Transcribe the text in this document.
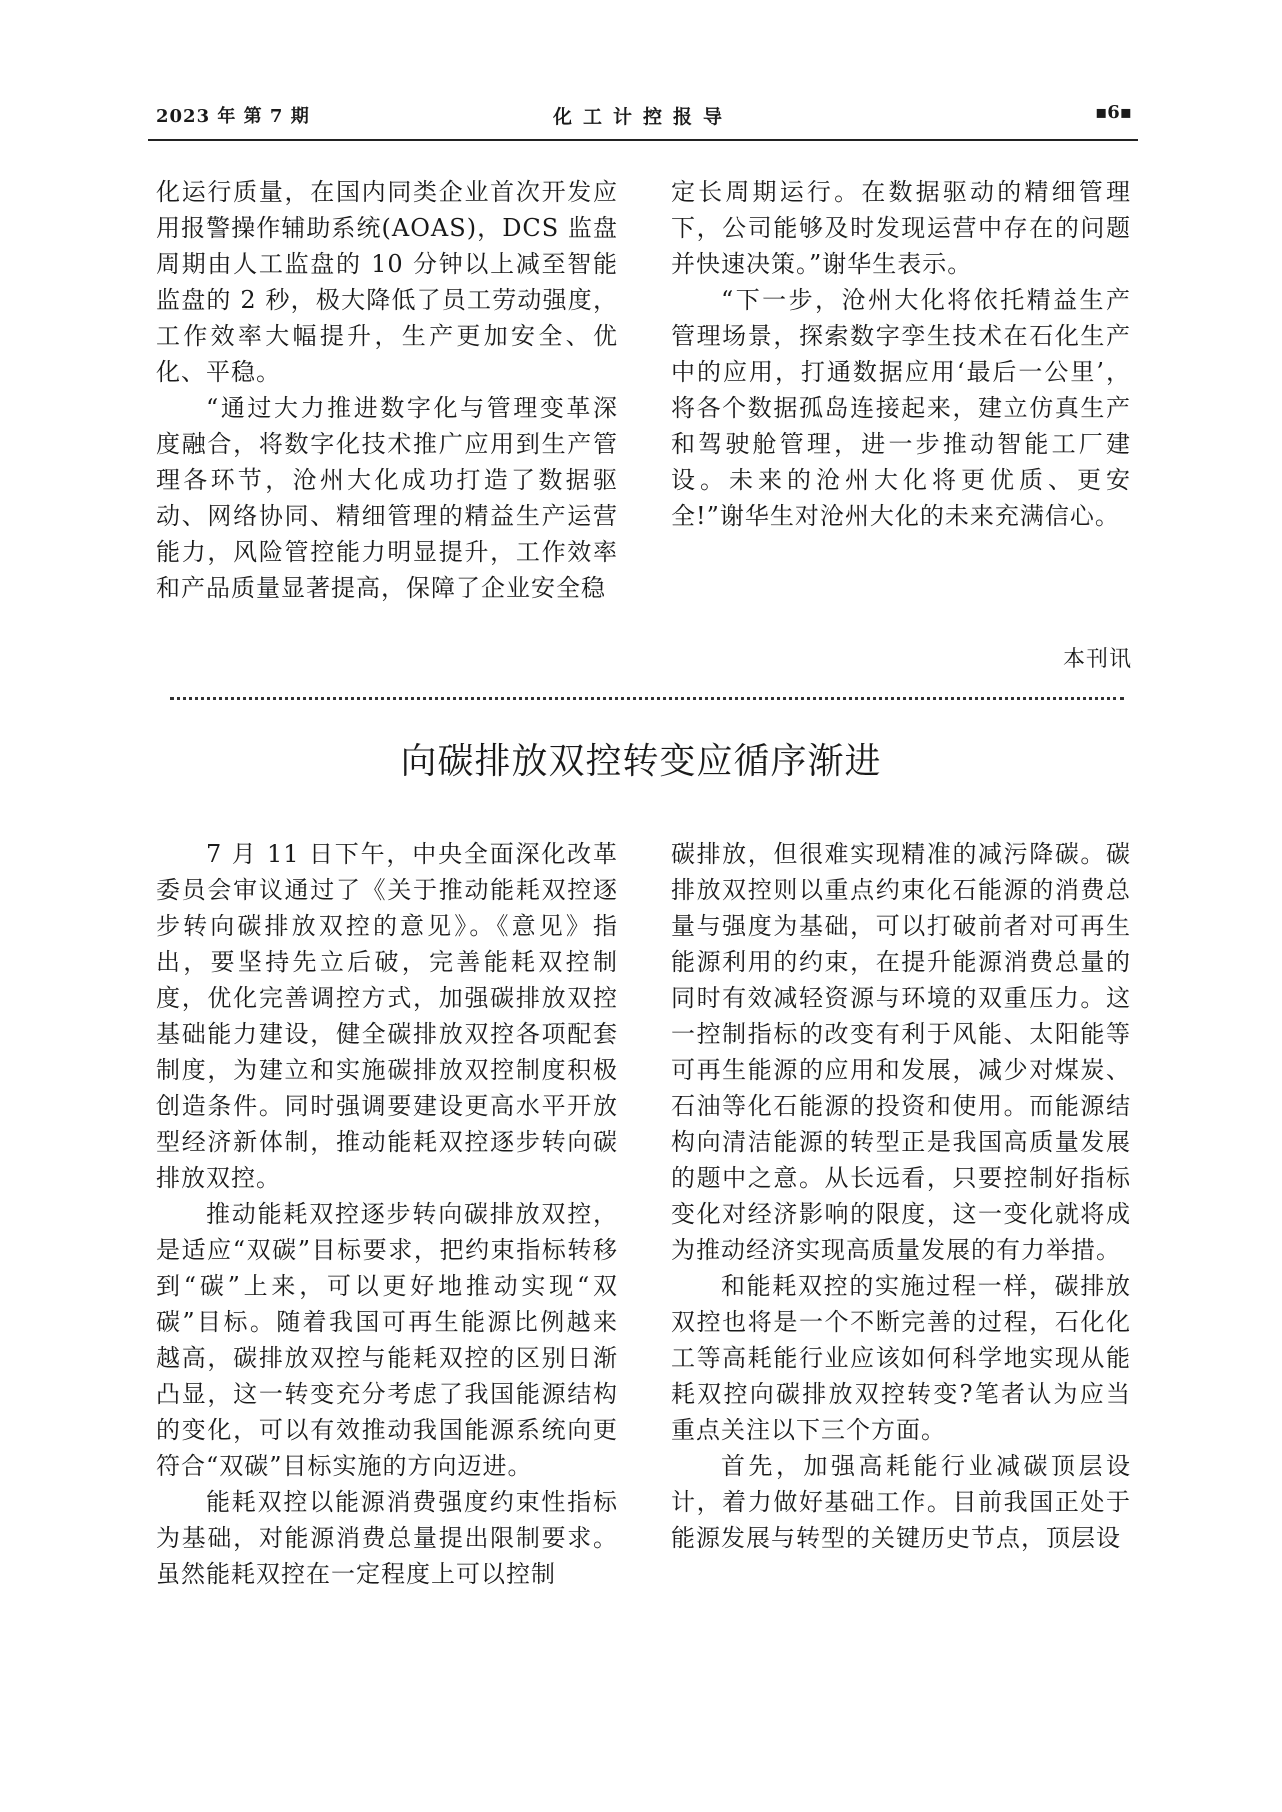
2023 年 第 7 期	化工计控报导	▪6▪

化运行质量，在国内同类企业首次开发应用报警操作辅助系统(AOAS)，DCS 监盘周期由人工监盘的 10 分钟以上减至智能监盘的 2 秒，极大降低了员工劳动强度，工作效率大幅提升，生产更加安全、优化、平稳。

“通过大力推进数字化与管理变革深度融合，将数字化技术推广应用到生产管理各环节，沧州大化成功打造了数据驱动、网络协同、精细管理的精益生产运营能力，风险管控能力明显提升，工作效率和产品质量显著提高，保障了企业安全稳

定长周期运行。在数据驱动的精细管理下，公司能够及时发现运营中存在的问题并快速决策。”谢华生表示。

“下一步，沧州大化将依托精益生产管理场景，探索数字孪生技术在石化生产中的应用，打通数据应用‘最后一公里’，将各个数据孤岛连接起来，建立仿真生产和驾驶舱管理，进一步推动智能工厂建设。未来的沧州大化将更优质、更安全!”谢华生对沧州大化的未来充满信心。

本刊讯
向碳排放双控转变应循序渐进

7 月 11 日下午，中央全面深化改革委员会审议通过了《关于推动能耗双控逐步转向碳排放双控的意见》。《意见》指出，要坚持先立后破，完善能耗双控制度，优化完善调控方式，加强碳排放双控基础能力建设，健全碳排放双控各项配套制度，为建立和实施碳排放双控制度积极创造条件。同时强调要建设更高水平开放型经济新体制，推动能耗双控逐步转向碳排放双控。

推动能耗双控逐步转向碳排放双控，是适应“双碳”目标要求，把约束指标转移到“碳”上来，可以更好地推动实现“双碳”目标。随着我国可再生能源比例越来越高，碳排放双控与能耗双控的区别日渐凸显，这一转变充分考虑了我国能源结构的变化，可以有效推动我国能源系统向更符合“双碳”目标实施的方向迈进。

能耗双控以能源消费强度约束性指标为基础，对能源消费总量提出限制要求。虽然能耗双控在一定程度上可以控制

碳排放，但很难实现精准的减污降碳。碳排放双控则以重点约束化石能源的消费总量与强度为基础，可以打破前者对可再生能源利用的约束，在提升能源消费总量的同时有效减轻资源与环境的双重压力。这一控制指标的改变有利于风能、太阳能等可再生能源的应用和发展，减少对煤炭、石油等化石能源的投资和使用。而能源结构向清洁能源的转型正是我国高质量发展的题中之意。从长远看，只要控制好指标变化对经济影响的限度，这一变化就将成为推动经济实现高质量发展的有力举措。

和能耗双控的实施过程一样，碳排放双控也将是一个不断完善的过程，石化化工等高耗能行业应该如何科学地实现从能耗双控向碳排放双控转变?笔者认为应当重点关注以下三个方面。

首先，加强高耗能行业减碳顶层设计，着力做好基础工作。目前我国正处于能源发展与转型的关键历史节点，顶层设
